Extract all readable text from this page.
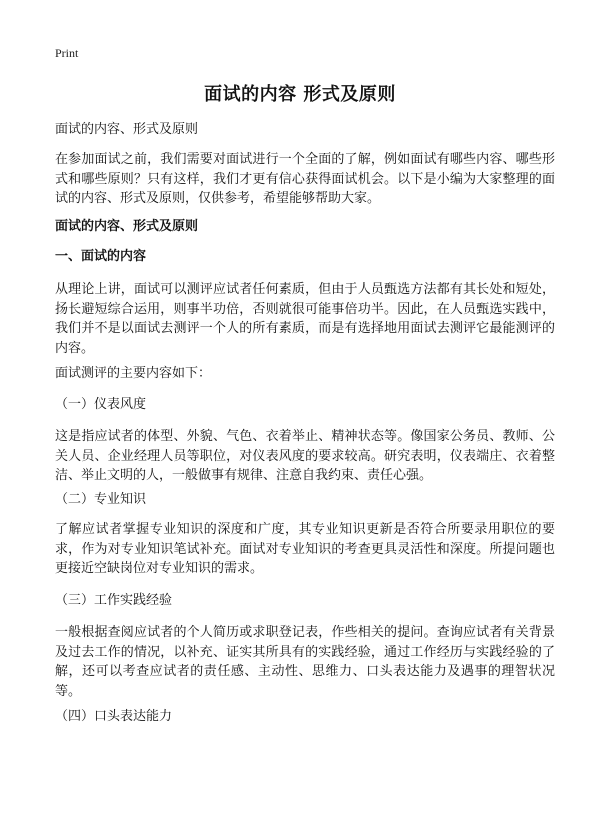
Print
面试的内容 形式及原则
面试的内容、形式及原则
在参加面试之前，我们需要对面试进行一个全面的了解，例如面试有哪些内容、哪些形式和哪些原则？只有这样，我们才更有信心获得面试机会。以下是小编为大家整理的面试的内容、形式及原则，仅供参考，希望能够帮助大家。
面试的内容、形式及原则
一、面试的内容
从理论上讲，面试可以测评应试者任何素质，但由于人员甄选方法都有其长处和短处，扬长避短综合运用，则事半功倍，否则就很可能事倍功半。因此，在人员甄选实践中，我们并不是以面试去测评一个人的所有素质，而是有选择地用面试去测评它最能测评的内容。
面试测评的主要内容如下：
（一）仪表风度
这是指应试者的体型、外貌、气色、衣着举止、精神状态等。像国家公务员、教师、公关人员、企业经理人员等职位，对仪表风度的要求较高。研究表明，仪表端庄、衣着整洁、举止文明的人，一般做事有规律、注意自我约束、责任心强。
（二）专业知识
了解应试者掌握专业知识的深度和广度，其专业知识更新是否符合所要录用职位的要求，作为对专业知识笔试补充。面试对专业知识的考查更具灵活性和深度。所提问题也更接近空缺岗位对专业知识的需求。
（三）工作实践经验
一般根据查阅应试者的个人简历或求职登记表，作些相关的提问。查询应试者有关背景及过去工作的情况，以补充、证实其所具有的实践经验，通过工作经历与实践经验的了解，还可以考查应试者的责任感、主动性、思维力、口头表达能力及遇事的理智状况等。
（四）口头表达能力
